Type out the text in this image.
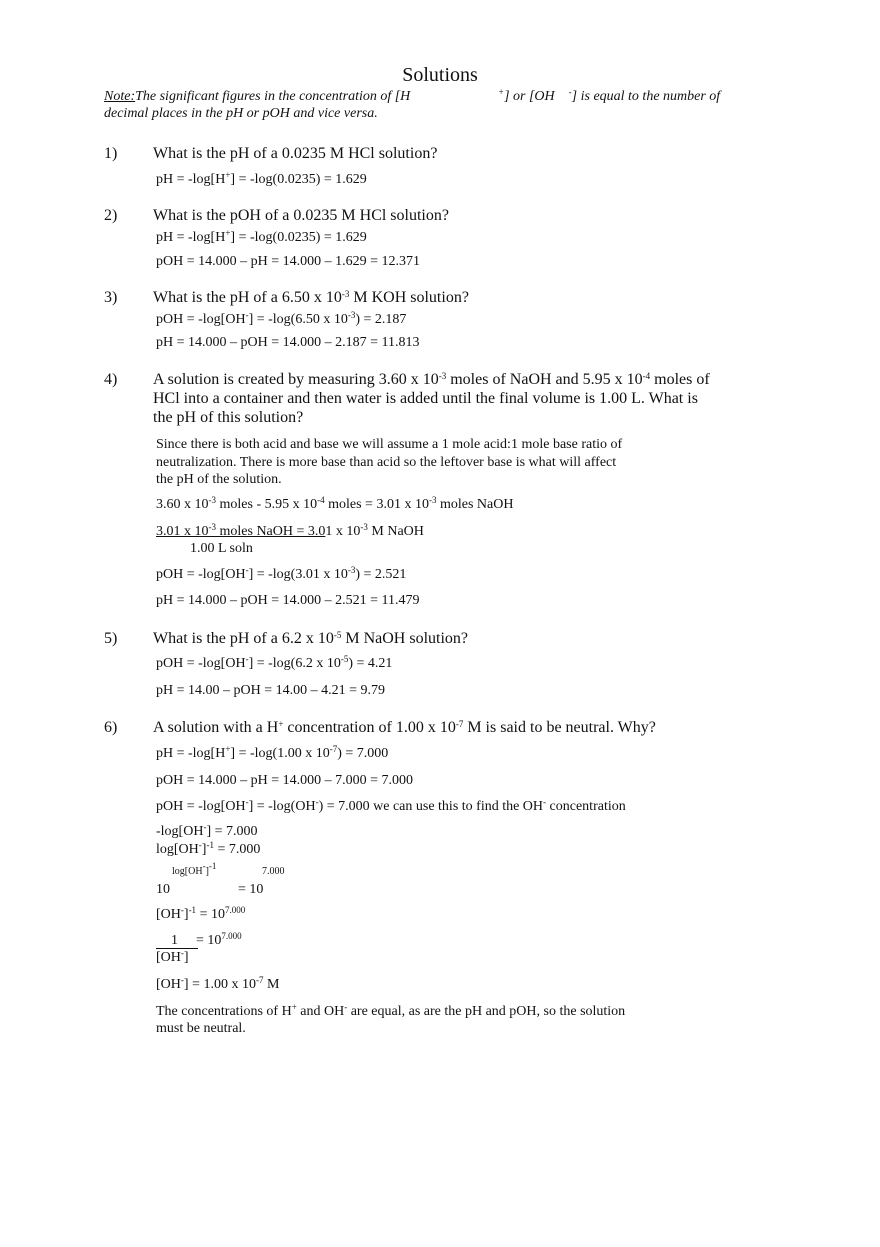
Solutions
Note:The significant figures in the concentration of [H	+] or [OH -] is equal to the number of
decimal places in the pH or pOH and vice versa.
1) What is the pH of a 0.0235 M HCl solution?
pH = -log[H+] = -log(0.0235) = 1.629
2) What is the pOH of a 0.0235 M HCl solution?
pH = -log[H+] = -log(0.0235) = 1.629
pOH = 14.000 – pH = 14.000 – 1.629 = 12.371
3) What is the pH of a 6.50 x $10^{-3}$ M KOH solution?
pOH = -log[OH-] = -log(6.50 x $10^{-3}) = 2.187$
pH = 14.000 – pOH = 14.000 – 2.187 = 11.813
4) A solution is created by measuring 3.60 x $10^{-3}$ moles of NaOH and 5.95 x $10^{-4}$ moles of
HCl into a container and then water is added until the final volume is 1.00 L. What is
the pH of this solution?
Since there is both acid and base we will assume a 1 mole acid:1 mole base ratio of
neutralization. There is more base than acid so the leftover base is what will affect
the pH of the solution.
3.60 x $10^{-3}$ moles - 5.95 x $10^{-4}$ moles = 3.01 x $10^{-3}$ moles NaOH
3.01 x $10^{-3}$ moles NaOH = 3.01 x $10^{-3}$ M NaOH
1.00 L soln
pOH = -log[OH-] = -log(3.01 x $10^{-3}) = 2.521$
pH = 14.000 – pOH = 14.000 – 2.521 = 11.479
5) What is the pH of a 6.2 x $10^{-5}$ M NaOH solution?
pOH = -log[OH-] = -log(6.2 x $10^{-5}) = 4.21$
pH = 14.00 – pOH = 14.00 – 4.21 = 9.79
6) A solution with a H+ concentration of 1.00 x $10^{-7}$ M is said to be neutral. Why?
pH = -log[H+] = -log(1.00 x $10^{-7}) = 7.000$
pOH = 14.000 – pH = 14.000 – 7.000 = 7.000
pOH = -log[OH-] = -log(OH-) = 7.000 we can use this to find the OH- concentration
-log[OH-] = 7.000
$\log[OH^-]^{-1} = 7.000$
$\log[OH^-]^{-1}$	7.000
10	= 10
$[OH^-]^{-1} = 10^{7.000}$
$1 = 10^{7.000}$
[OH-]
[OH-] = 1.00 x $10^{-7}$ M
The concentrations of H+ and OH- are equal, as are the pH and pOH, so the solution
must be neutral.
